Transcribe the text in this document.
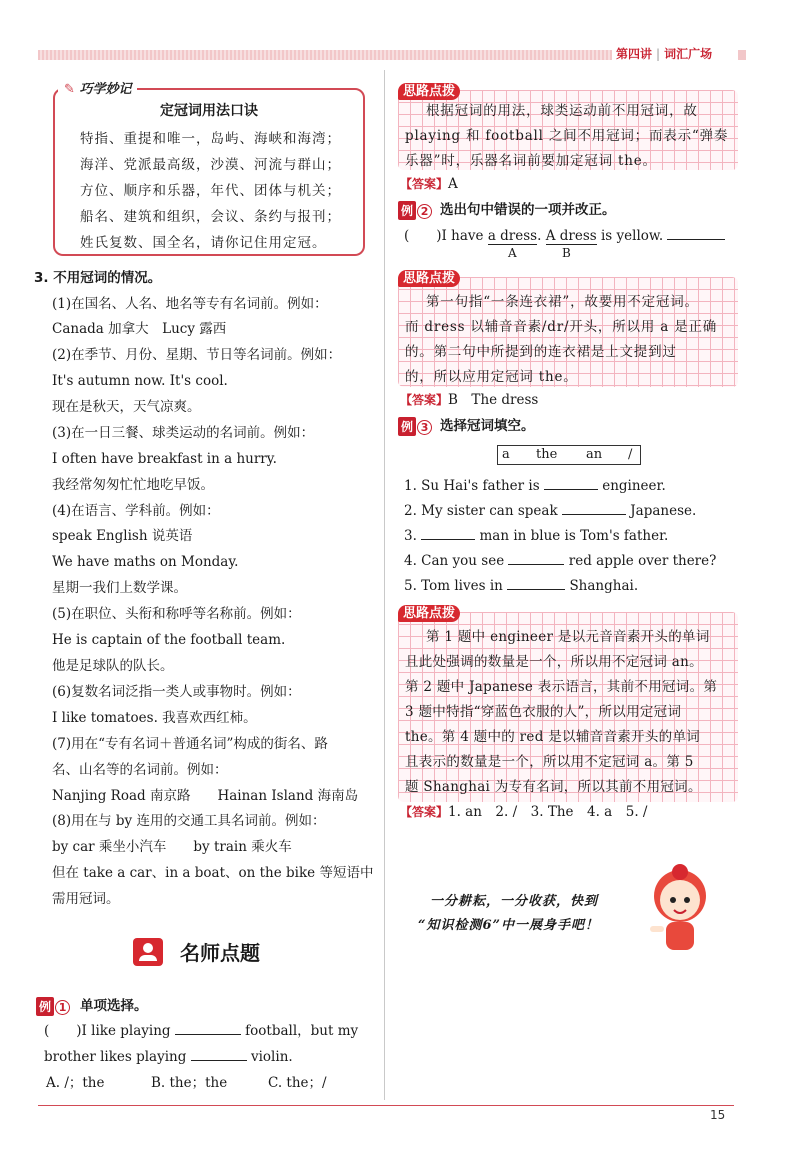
第四讲 | 词汇广场
✎ 巧学妙记
定冠词用法口诀
特指、重提和唯一，岛屿、海峡和海湾；
海洋、党派最高级，沙漠、河流与群山；
方位、顺序和乐器，年代、团体与机关；
船名、建筑和组织，会议、条约与报刊；
姓氏复数、国全名，请你记住用定冠。
3. 不用冠词的情况。
(1)在国名、人名、地名等专有名词前。例如：
Canada 加拿大　Lucy 露西
(2)在季节、月份、星期、节日等名词前。例如：
It's autumn now. It's cool.
现在是秋天，天气凉爽。
(3)在一日三餐、球类运动的名词前。例如：
I often have breakfast in a hurry.
我经常匆匆忙忙地吃早饭。
(4)在语言、学科前。例如：
speak English 说英语
We have maths on Monday.
星期一我们上数学课。
(5)在职位、头衔和称呼等名称前。例如：
He is captain of the football team.
他是足球队的队长。
(6)复数名词泛指一类人或事物时。例如：
I like tomatoes. 我喜欢西红柿。
(7)用在“专有名词＋普通名词”构成的街名、路
名、山名等的名词前。例如：
Nanjing Road 南京路　　Hainan Island 海南岛
(8)用在与 by 连用的交通工具名词前。例如：
by car 乘坐小汽车　　by train 乘火车
但在 take a car、in a boat、on the bike 等短语中
需用冠词。
名师点题
例 1 单项选择。
(　　)I like playing	football，but my
brother likes playing	violin.
A. /；the	B. the；the	C. the；/
思路点拨
根据冠词的用法，球类运动前不用冠词，故
playing 和 football 之间不用冠词；而表示“弹奏
乐器”时，乐器名词前要加定冠词 the。
【答案】A
例 2 选出句中错误的一项并改正。
(　　)I have a dress. A dress is yellow.
A	B
思路点拨
第一句指“一条连衣裙”，故要用不定冠词。
而 dress 以辅音音素/dr/开头，所以用 a 是正确
的。第二句中所提到的连衣裙是上文提到过
的，所以应用定冠词 the。
【答案】B　The dress
例 3 选择冠词填空。
a the an /
1. Su Hai's father is	engineer.
2. My sister can speak	Japanese.
3.	man in blue is Tom's father.
4. Can you see	red apple over there?
5. Tom lives in	Shanghai.
思路点拨
第 1 题中 engineer 是以元音音素开头的单词
且此处强调的数量是一个，所以用不定冠词 an。
第 2 题中 Japanese 表示语言，其前不用冠词。第
3 题中特指“穿蓝色衣服的人”，所以用定冠词
the。第 4 题中的 red 是以辅音音素开头的单词
且表示的数量是一个，所以用不定冠词 a。第 5
题 Shanghai 为专有名词，所以其前不用冠词。
【答案】1. an　2. /　3. The　4. a　5. /
一分耕耘，一分收获，快到
“知识检测6”中一展身手吧！
15
